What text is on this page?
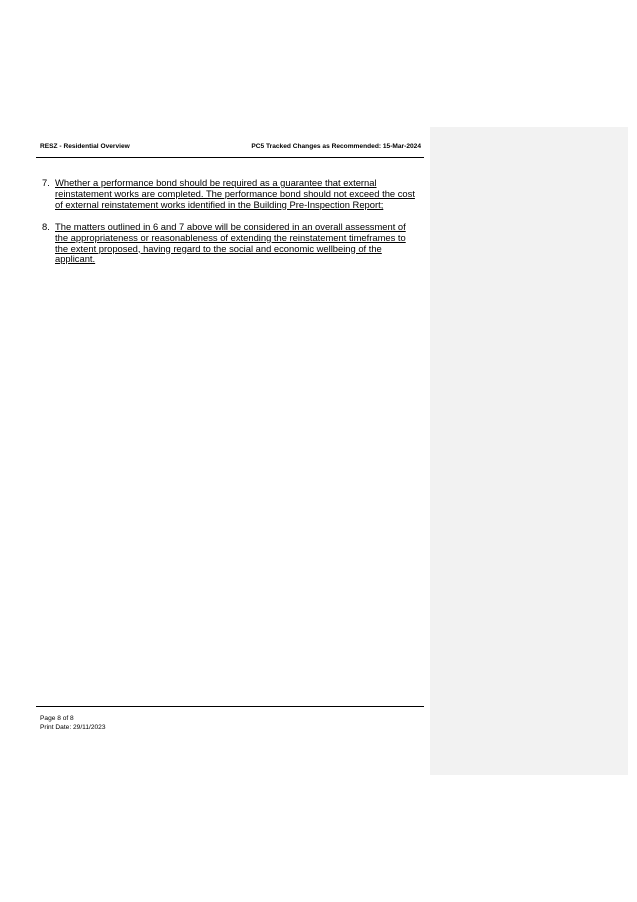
RESZ - Residential Overview	PC5 Tracked Changes as Recommended: 15-Mar-2024
7. Whether a performance bond should be required as a guarantee that external reinstatement works are completed. The performance bond should not exceed the cost of external reinstatement works identified in the Building Pre-Inspection Report;
8. The matters outlined in 6 and 7 above will be considered in an overall assessment of the appropriateness or reasonableness of extending the reinstatement timeframes to the extent proposed, having regard to the social and economic wellbeing of the applicant.
Page 8 of 8
Print Date: 29/11/2023
